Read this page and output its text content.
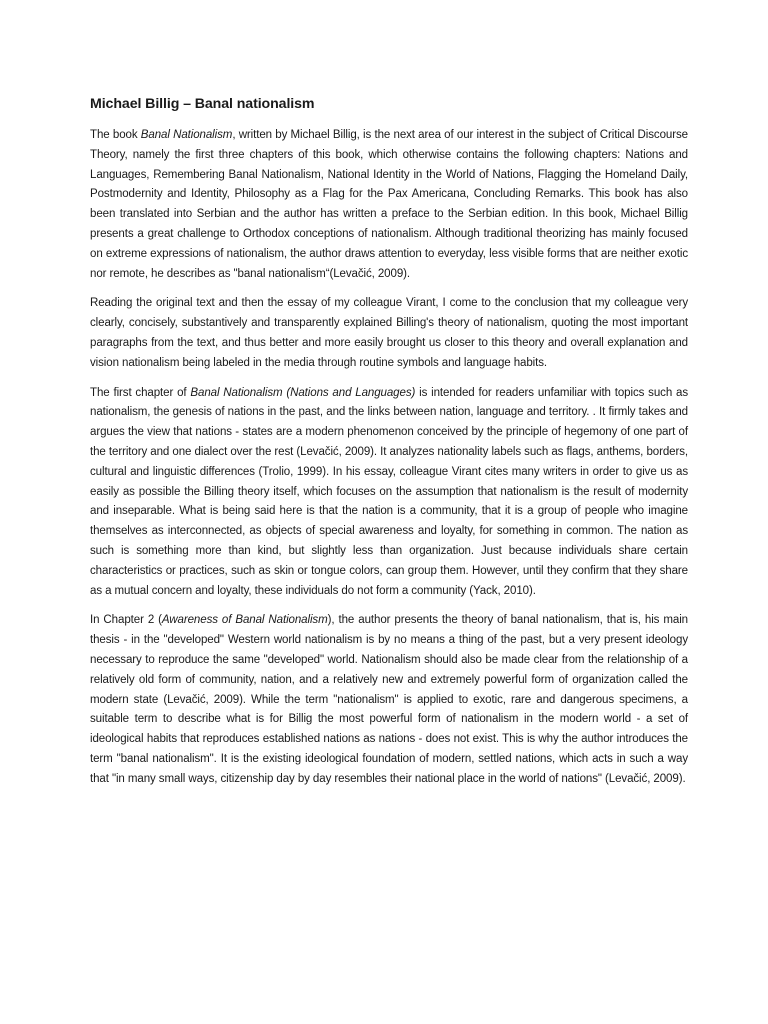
Michael Billig – Banal nationalism

The book Banal Nationalism, written by Michael Billig, is the next area of our interest in the subject of Critical Discourse Theory, namely the first three chapters of this book, which otherwise contains the following chapters: Nations and Languages, Remembering Banal Nationalism, National Identity in the World of Nations, Flagging the Homeland Daily, Postmodernity and Identity, Philosophy as a Flag for the Pax Americana, Concluding Remarks. This book has also been translated into Serbian and the author has written a preface to the Serbian edition. In this book, Michael Billig presents a great challenge to Orthodox conceptions of nationalism. Although traditional theorizing has mainly focused on extreme expressions of nationalism, the author draws attention to everyday, less visible forms that are neither exotic nor remote, he describes as "banal nationalism“(Levačić, 2009).

Reading the original text and then the essay of my colleague Virant, I come to the conclusion that my colleague very clearly, concisely, substantively and transparently explained Billing's theory of nationalism, quoting the most important paragraphs from the text, and thus better and more easily brought us closer to this theory and overall explanation and vision nationalism being labeled in the media through routine symbols and language habits.

The first chapter of Banal Nationalism (Nations and Languages) is intended for readers unfamiliar with topics such as nationalism, the genesis of nations in the past, and the links between nation, language and territory. . It firmly takes and argues the view that nations - states are a modern phenomenon conceived by the principle of hegemony of one part of the territory and one dialect over the rest (Levačić, 2009). It analyzes nationality labels such as flags, anthems, borders, cultural and linguistic differences (Trolio, 1999). In his essay, colleague Virant cites many writers in order to give us as easily as possible the Billing theory itself, which focuses on the assumption that nationalism is the result of modernity and inseparable. What is being said here is that the nation is a community, that it is a group of people who imagine themselves as interconnected, as objects of special awareness and loyalty, for something in common. The nation as such is something more than kind, but slightly less than organization. Just because individuals share certain characteristics or practices, such as skin or tongue colors, can group them. However, until they confirm that they share as a mutual concern and loyalty, these individuals do not form a community (Yack, 2010).

In Chapter 2 (Awareness of Banal Nationalism), the author presents the theory of banal nationalism, that is, his main thesis - in the "developed" Western world nationalism is by no means a thing of the past, but a very present ideology necessary to reproduce the same "developed" world. Nationalism should also be made clear from the relationship of a relatively old form of community, nation, and a relatively new and extremely powerful form of organization called the modern state (Levačić, 2009). While the term "nationalism" is applied to exotic, rare and dangerous specimens, a suitable term to describe what is for Billig the most powerful form of nationalism in the modern world - a set of ideological habits that reproduces established nations as nations - does not exist. This is why the author introduces the term "banal nationalism". It is the existing ideological foundation of modern, settled nations, which acts in such a way that "in many small ways, citizenship day by day resembles their national place in the world of nations" (Levačić, 2009).
